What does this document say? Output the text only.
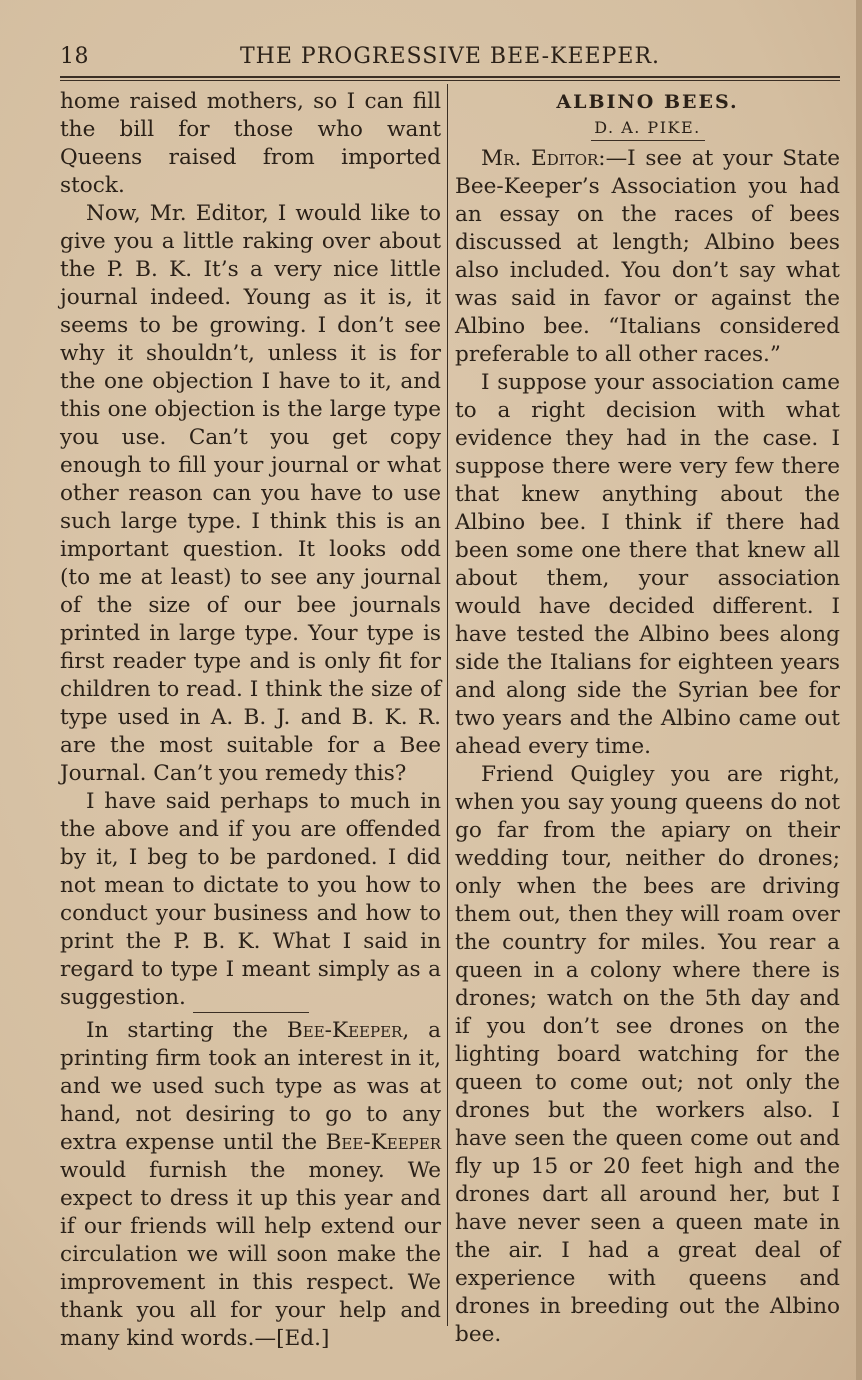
18	THE PROGRESSIVE BEE-KEEPER.

home raised mothers, so I can fill the bill for those who want Queens raised from imported stock.

Now, Mr. Editor, I would like to give you a little raking over about the P. B. K. It’s a very nice little journal indeed. Young as it is, it seems to be growing. I don’t see why it shouldn’t, unless it is for the one objection I have to it, and this one objection is the large type you use. Can’t you get copy enough to fill your journal or what other reason can you have to use such large type. I think this is an important question. It looks odd (to me at least) to see any journal of the size of our bee journals printed in large type. Your type is first reader type and is only fit for children to read. I think the size of type used in A. B. J. and B. K. R. are the most suitable for a Bee Journal. Can’t you remedy this?

I have said perhaps to much in the above and if you are offended by it, I beg to be pardoned. I did not mean to dictate to you how to conduct your business and how to print the P. B. K. What I said in regard to type I meant simply as a suggestion.

In starting the Bee-Keeper, a printing firm took an interest in it, and we used such type as was at hand, not desiring to go to any extra expense until the Bee-Keeper would furnish the money. We expect to dress it up this year and if our friends will help extend our circulation we will soon make the improvement in this respect. We thank you all for your help and many kind words.—[Ed.]

ALBINO BEES.
D. A. PIKE.

Mr. Editor:—I see at your State Bee-Keeper’s Association you had an essay on the races of bees discussed at length; Albino bees also included. You don’t say what was said in favor or against the Albino bee. “Italians considered preferable to all other races.”

I suppose your association came to a right decision with what evidence they had in the case. I suppose there were very few there that knew anything about the Albino bee. I think if there had been some one there that knew all about them, your association would have decided different. I have tested the Albino bees along side the Italians for eighteen years and along side the Syrian bee for two years and the Albino came out ahead every time.

Friend Quigley you are right, when you say young queens do not go far from the apiary on their wedding tour, neither do drones; only when the bees are driving them out, then they will roam over the country for miles. You rear a queen in a colony where there is drones; watch on the 5th day and if you don’t see drones on the lighting board watching for the queen to come out; not only the drones but the workers also. I have seen the queen come out and fly up 15 or 20 feet high and the drones dart all around her, but I have never seen a queen mate in the air. I had a great deal of experience with queens and drones in breeding out the Albino bee.
